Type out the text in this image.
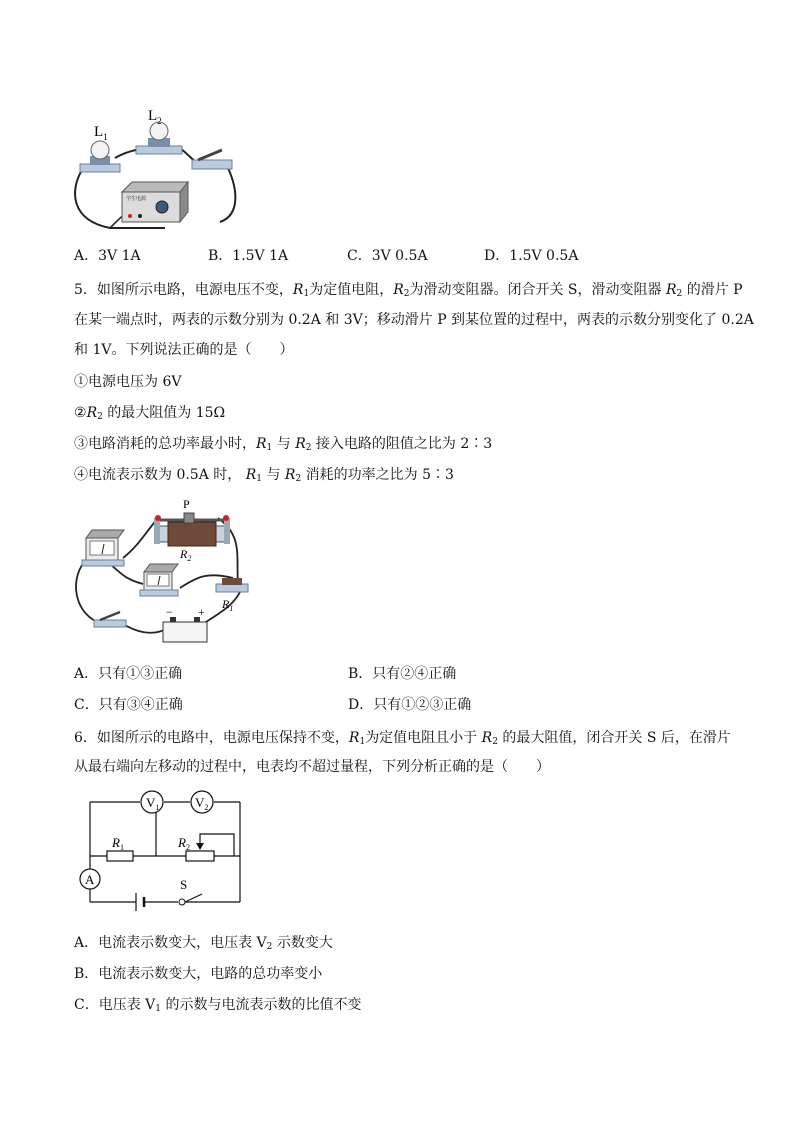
学生电源
$L_1$
$L_2$
A．3V 1A	B．1.5V 1A	C．3V 0.5A	D．1.5V 0.5A
5．如图所示电路，电源电压不变，$R_1$为定值电阻，$R_2$为滑动变阻器。闭合开关 S，滑动变阻器 $R_2$ 的滑片 P
在某一端点时，两表的示数分别为 0.2A 和 3V；移动滑片 P 到某位置的过程中，两表的示数分别变化了 0.2A
和 1V。下列说法正确的是（　　）
①电源电压为 6V
$②R_2$ 的最大阻值为 15Ω
③电路消耗的总功率最小时，$R_1$ 与 $R_2$ 接入电路的阻值之比为 2∶3
④电流表示数为 0.5A 时， $R_1$ 与 $R_2$ 消耗的功率之比为 5∶3
P
$R_2$
$R_1$
+
−
A．只有①③正确	B．只有②④正确
C．只有③④正确	D．只有①②③正确
6．如图所示的电路中，电源电压保持不变，$R_1$为定值电阻且小于 $R_2$ 的最大阻值，闭合开关 S 后，在滑片
从最右端向左移动的过程中，电表均不超过量程，下列分析正确的是（　　）
$V_1$	$V_2$
A
$R_1$	$R_2$
S
A．电流表示数变大，电压表 $V_2$ 示数变大
B．电流表示数变大，电路的总功率变小
C．电压表 $V_1$ 的示数与电流表示数的比值不变
